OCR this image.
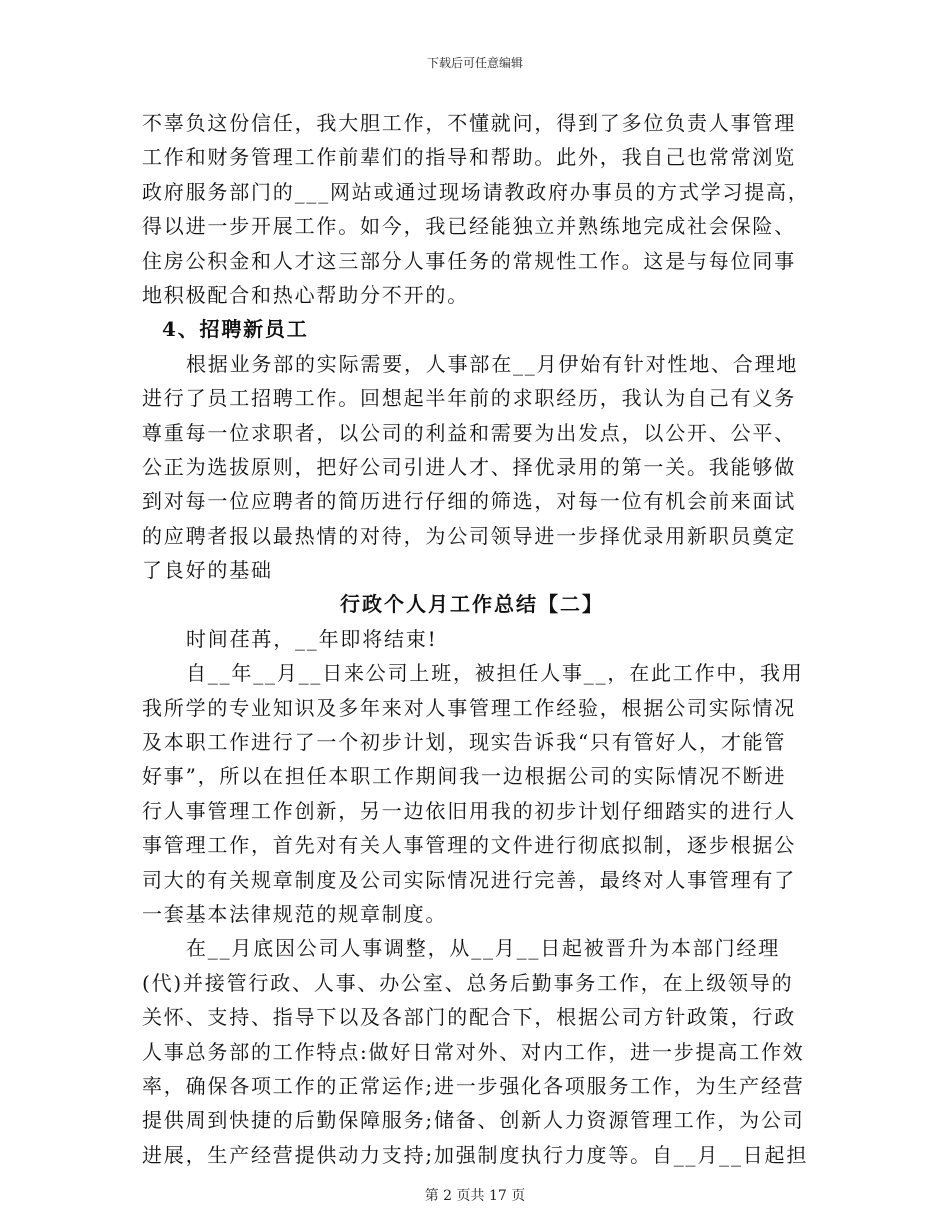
下载后可任意编辑
不辜负这份信任，我大胆工作，不懂就问，得到了多位负责人事管理
工作和财务管理工作前辈们的指导和帮助。此外，我自己也常常浏览
政府服务部门的___网站或通过现场请教政府办事员的方式学习提高，
得以进一步开展工作。如今，我已经能独立并熟练地完成社会保险、
住房公积金和人才这三部分人事任务的常规性工作。这是与每位同事
地积极配合和热心帮助分不开的。
4、招聘新员工
根据业务部的实际需要，人事部在__月伊始有针对性地、合理地
进行了员工招聘工作。回想起半年前的求职经历，我认为自己有义务
尊重每一位求职者，以公司的利益和需要为出发点，以公开、公平、
公正为选拔原则，把好公司引进人才、择优录用的第一关。我能够做
到对每一位应聘者的简历进行仔细的筛选，对每一位有机会前来面试
的应聘者报以最热情的对待，为公司领导进一步择优录用新职员奠定
了良好的基础
行政个人月工作总结【二】
时间荏苒，__年即将结束!
自__年__月__日来公司上班，被担任人事__，在此工作中，我用
我所学的专业知识及多年来对人事管理工作经验，根据公司实际情况
及本职工作进行了一个初步计划，现实告诉我“只有管好人，才能管
好事”，所以在担任本职工作期间我一边根据公司的实际情况不断进
行人事管理工作创新，另一边依旧用我的初步计划仔细踏实的进行人
事管理工作，首先对有关人事管理的文件进行彻底拟制，逐步根据公
司大的有关规章制度及公司实际情况进行完善，最终对人事管理有了
一套基本法律规范的规章制度。
在__月底因公司人事调整，从__月__日起被晋升为本部门经理
(代)并接管行政、人事、办公室、总务后勤事务工作，在上级领导的
关怀、支持、指导下以及各部门的配合下，根据公司方针政策，行政
人事总务部的工作特点:做好日常对外、对内工作，进一步提高工作效
率，确保各项工作的正常运作;进一步强化各项服务工作，为生产经营
提供周到快捷的后勤保障服务;储备、创新人力资源管理工作，为公司
进展，生产经营提供动力支持;加强制度执行力度等。自__月__日起担
第 2 页共 17 页
